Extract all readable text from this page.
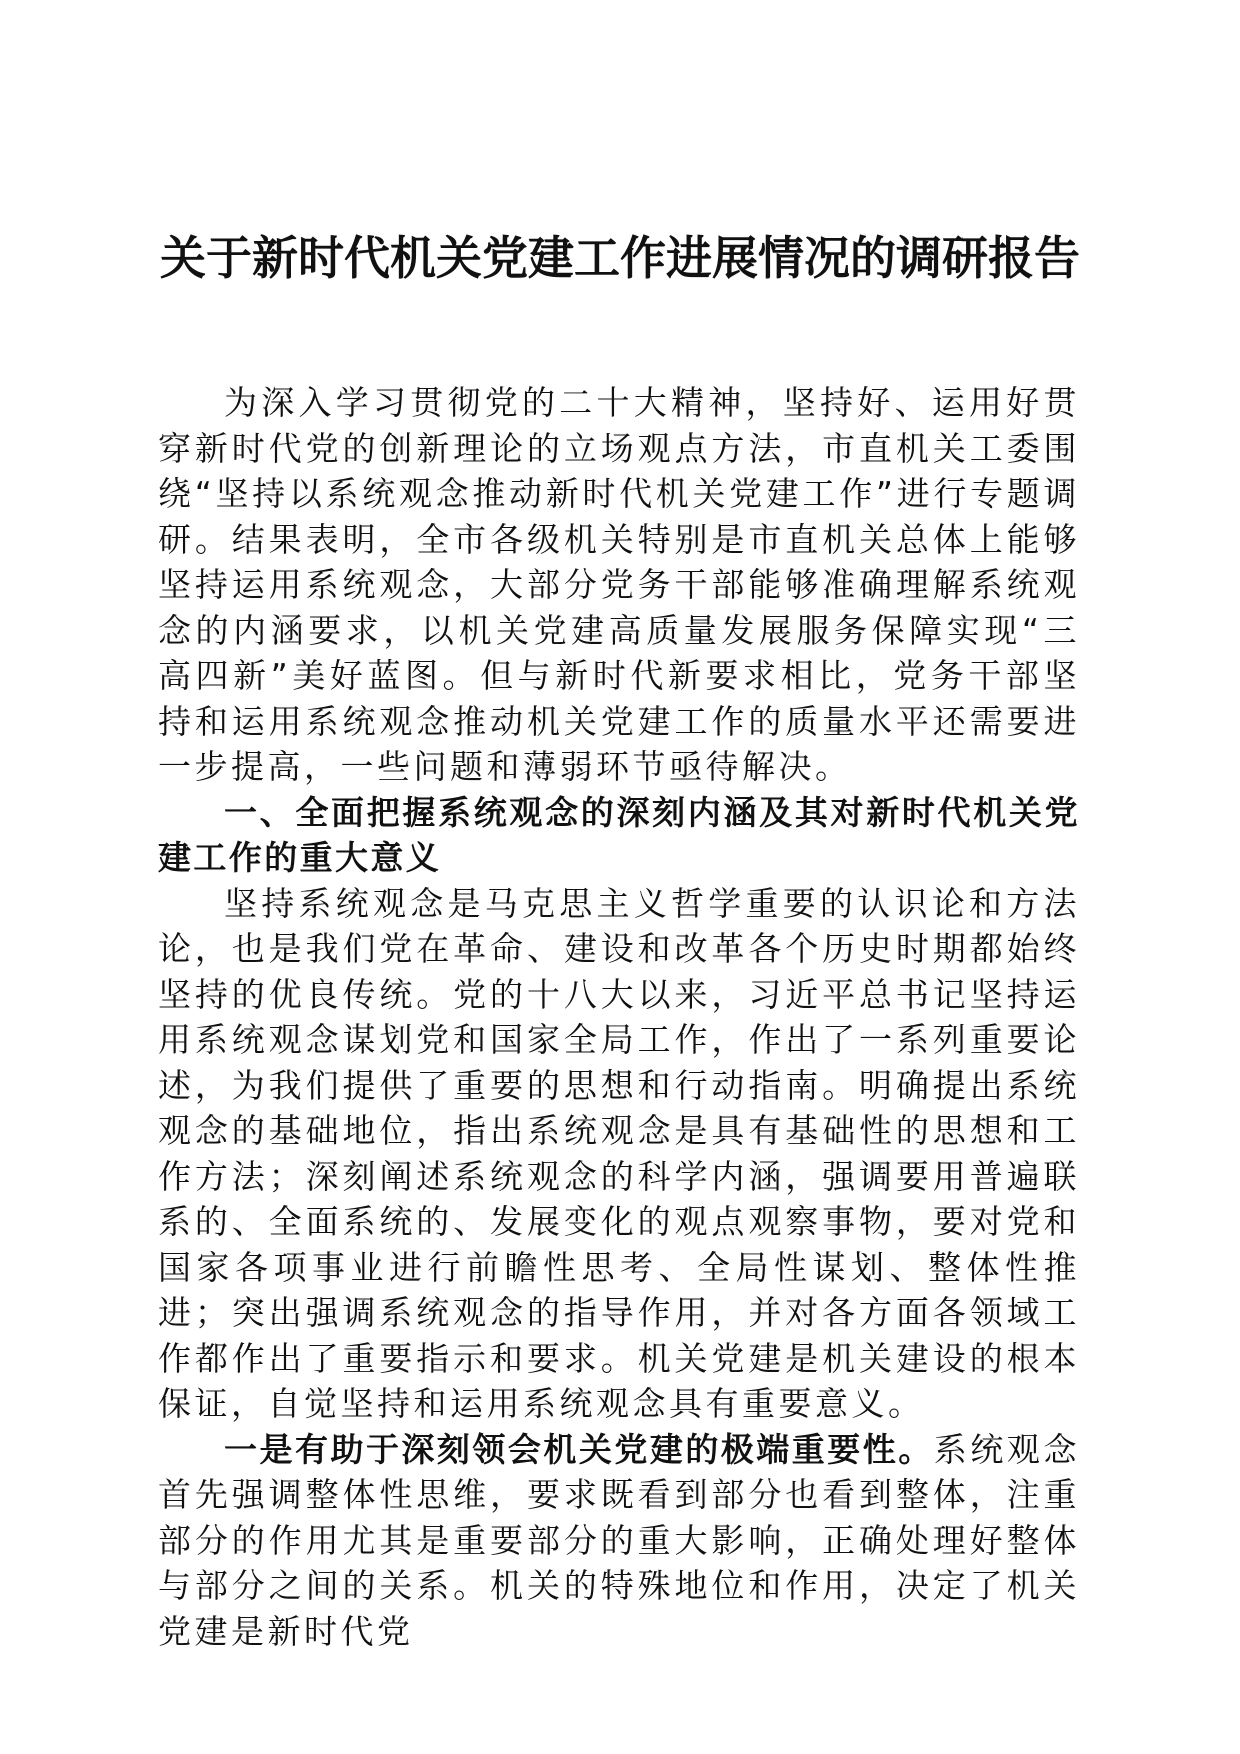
关于新时代机关党建工作进展情况的调研报告

为深入学习贯彻党的二十大精神，坚持好、运用好贯穿新时代党的创新理论的立场观点方法，市直机关工委围绕“坚持以系统观念推动新时代机关党建工作”进行专题调研。结果表明，全市各级机关特别是市直机关总体上能够坚持运用系统观念，大部分党务干部能够准确理解系统观念的内涵要求，以机关党建高质量发展服务保障实现“三高四新”美好蓝图。但与新时代新要求相比，党务干部坚持和运用系统观念推动机关党建工作的质量水平还需要进一步提高，一些问题和薄弱环节亟待解决。

一、全面把握系统观念的深刻内涵及其对新时代机关党建工作的重大意义

坚持系统观念是马克思主义哲学重要的认识论和方法论，也是我们党在革命、建设和改革各个历史时期都始终坚持的优良传统。党的十八大以来，习近平总书记坚持运用系统观念谋划党和国家全局工作，作出了一系列重要论述，为我们提供了重要的思想和行动指南。明确提出系统观念的基础地位，指出系统观念是具有基础性的思想和工作方法；深刻阐述系统观念的科学内涵，强调要用普遍联系的、全面系统的、发展变化的观点观察事物，要对党和国家各项事业进行前瞻性思考、全局性谋划、整体性推进；突出强调系统观念的指导作用，并对各方面各领域工作都作出了重要指示和要求。机关党建是机关建设的根本保证，自觉坚持和运用系统观念具有重要意义。

一是有助于深刻领会机关党建的极端重要性。系统观念首先强调整体性思维，要求既看到部分也看到整体，注重部分的作用尤其是重要部分的重大影响，正确处理好整体与部分之间的关系。机关的特殊地位和作用，决定了机关党建是新时代党
